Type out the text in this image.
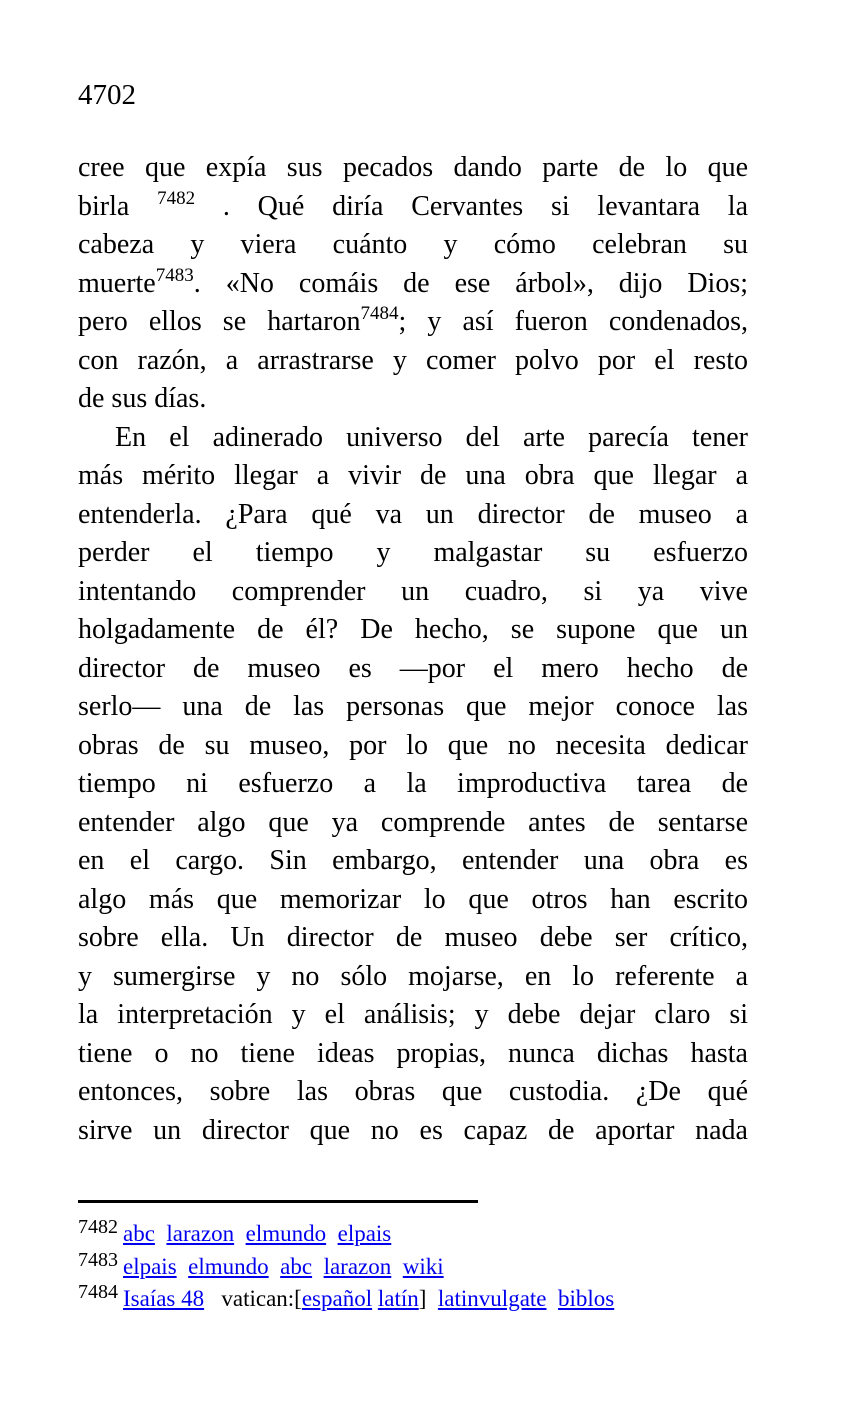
4702
cree que expía sus pecados dando parte de lo que
birla $^{7482}$ . Qué diría Cervantes si levantara la
cabeza y viera cuánto y cómo celebran su
muerte$^{7483}$. «No comáis de ese árbol», dijo Dios;
pero ellos se hartaron$^{7484}$; y así fueron condenados,
con razón, a arrastrarse y comer polvo por el resto
de sus días.
En el adinerado universo del arte parecía tener
más mérito llegar a vivir de una obra que llegar a
entenderla. ¿Para qué va un director de museo a
perder el tiempo y malgastar su esfuerzo
intentando comprender un cuadro, si ya vive
holgadamente de él? De hecho, se supone que un
director de museo es —por el mero hecho de
serlo— una de las personas que mejor conoce las
obras de su museo, por lo que no necesita dedicar
tiempo ni esfuerzo a la improductiva tarea de
entender algo que ya comprende antes de sentarse
en el cargo. Sin embargo, entender una obra es
algo más que memorizar lo que otros han escrito
sobre ella. Un director de museo debe ser crítico,
y sumergirse y no sólo mojarse, en lo referente a
la interpretación y el análisis; y debe dejar claro si
tiene o no tiene ideas propias, nunca dichas hasta
entonces, sobre las obras que custodia. ¿De qué
sirve un director que no es capaz de aportar nada
7482 abc larazon elmundo elpais
7483 elpais elmundo abc larazon wiki
7484 Isaías 48 vatican:[español latín] latinvulgate biblos
